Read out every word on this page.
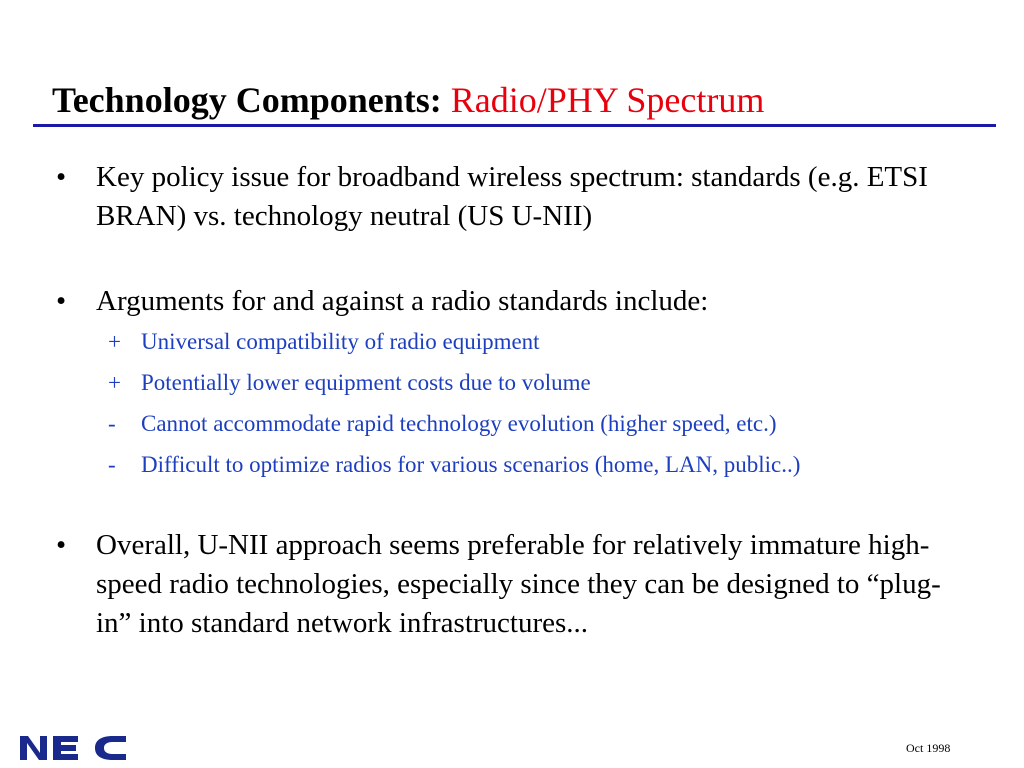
Technology Components: Radio/PHY Spectrum
• Key policy issue for broadband wireless spectrum: standards (e.g. ETSI BRAN) vs. technology neutral (US U-NII)
• Arguments for and against a radio standards include:
+ Universal compatibility of radio equipment
+ Potentially lower equipment costs due to volume
- Cannot accommodate rapid technology evolution (higher speed, etc.)
- Difficult to optimize radios for various scenarios (home, LAN, public..)
• Overall, U-NII approach seems preferable for relatively immature high-speed radio technologies, especially since they can be designed to “plug-in” into standard network infrastructures...
Oct 1998
